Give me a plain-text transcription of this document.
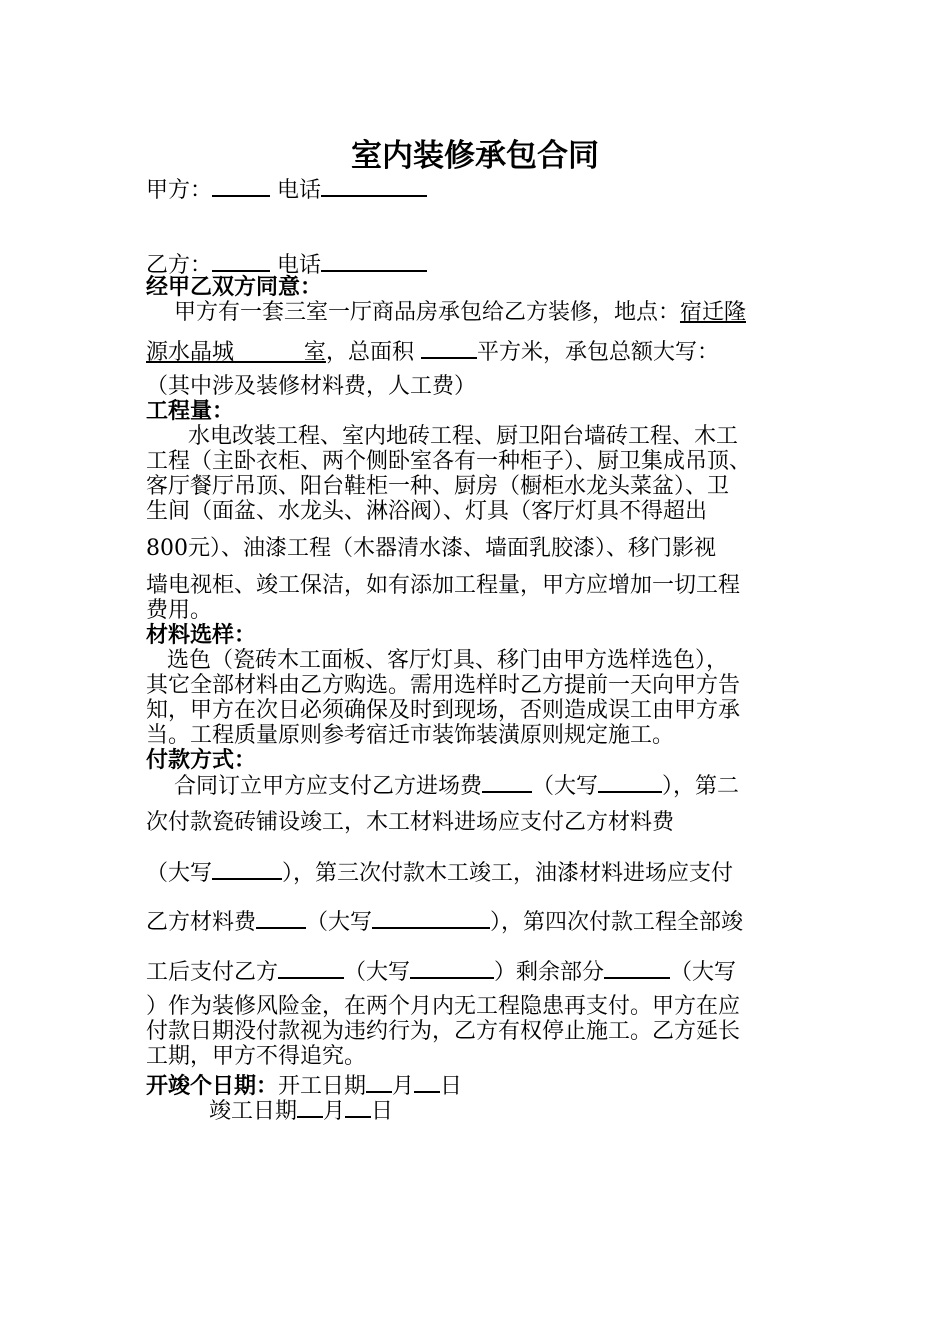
室内装修承包合同
甲方：	电话
乙方：	电话
经甲乙双方同意：
甲方有一套三室一厅商品房承包给乙方装修，地点：宿迁隆
源水晶城          室，总面积	平方米，承包总额大写：
（其中涉及装修材料费，人工费）
工程量：
水电改装工程、室内地砖工程、厨卫阳台墙砖工程、木工
工程（主卧衣柜、两个侧卧室各有一种柜子）、厨卫集成吊顶、
客厅餐厅吊顶、阳台鞋柜一种、厨房（橱柜水龙头菜盆）、卫
生间（面盆、水龙头、淋浴阀）、灯具（客厅灯具不得超出
800元）、油漆工程（木器清水漆、墙面乳胶漆）、移门影视
墙电视柜、竣工保洁，如有添加工程量，甲方应增加一切工程
费用。
材料选样：
选色（瓷砖木工面板、客厅灯具、移门由甲方选样选色），
其它全部材料由乙方购选。需用选样时乙方提前一天向甲方告
知，甲方在次日必须确保及时到现场，否则造成误工由甲方承
当。工程质量原则参考宿迁市装饰装潢原则规定施工。
付款方式：
合同订立甲方应支付乙方进场费 （大写	），第二
次付款瓷砖铺设竣工，木工材料进场应支付乙方材料费
（大写	），第三次付款木工竣工，油漆材料进场应支付
乙方材料费 （大写	），第四次付款工程全部竣
工后支付乙方	（大写	）剩余部分	（大写
）作为装修风险金，在两个月内无工程隐患再支付。甲方在应
付款日期没付款视为违约行为，乙方有权停止施工。乙方延长
工期，甲方不得追究。
开竣个日期：开工日期 月 日
竣工日期 月 日
